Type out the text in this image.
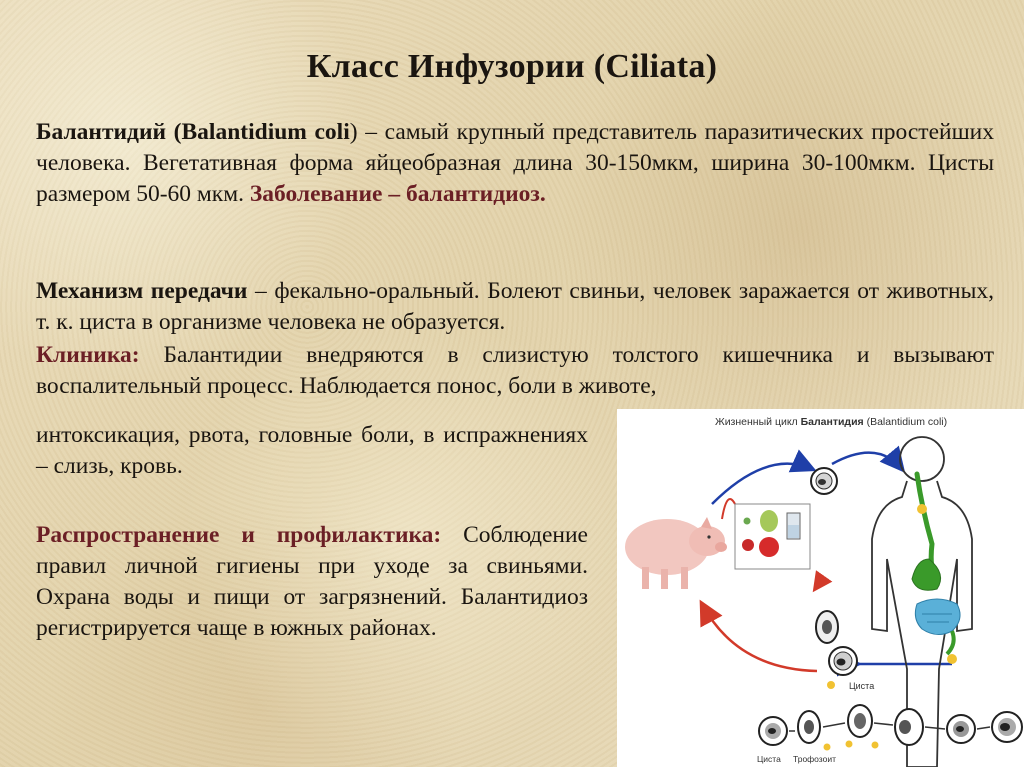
Класс Инфузории (Ciliata)

Балантидий (Balantidium coli) – самый крупный представитель паразитических простейших человека. Вегетативная форма яйцеобразная длина 30-150мкм, ширина 30-100мкм. Цисты размером 50-60 мкм. Заболевание – балантидиоз.

Механизм передачи – фекально-оральный. Болеют свиньи, человек заражается от животных, т. к. циста в организме человека не образуется.

Клиника: Балантидии внедряются в слизистую толстого кишечника и вызывают воспалительный процесс. Наблюдается понос, боли в животе,

интоксикация, рвота, головные боли, в испражнениях – слизь, кровь.

Распространение и профилактика: Соблюдение правил личной гигиены при уходе за свиньями. Охрана воды и пищи от загрязнений. Балантидиоз регистрируется чаще в южных районах.

Жизненный цикл Балантидия (Balantidium coli)
Циста
Циста Трофозоит
